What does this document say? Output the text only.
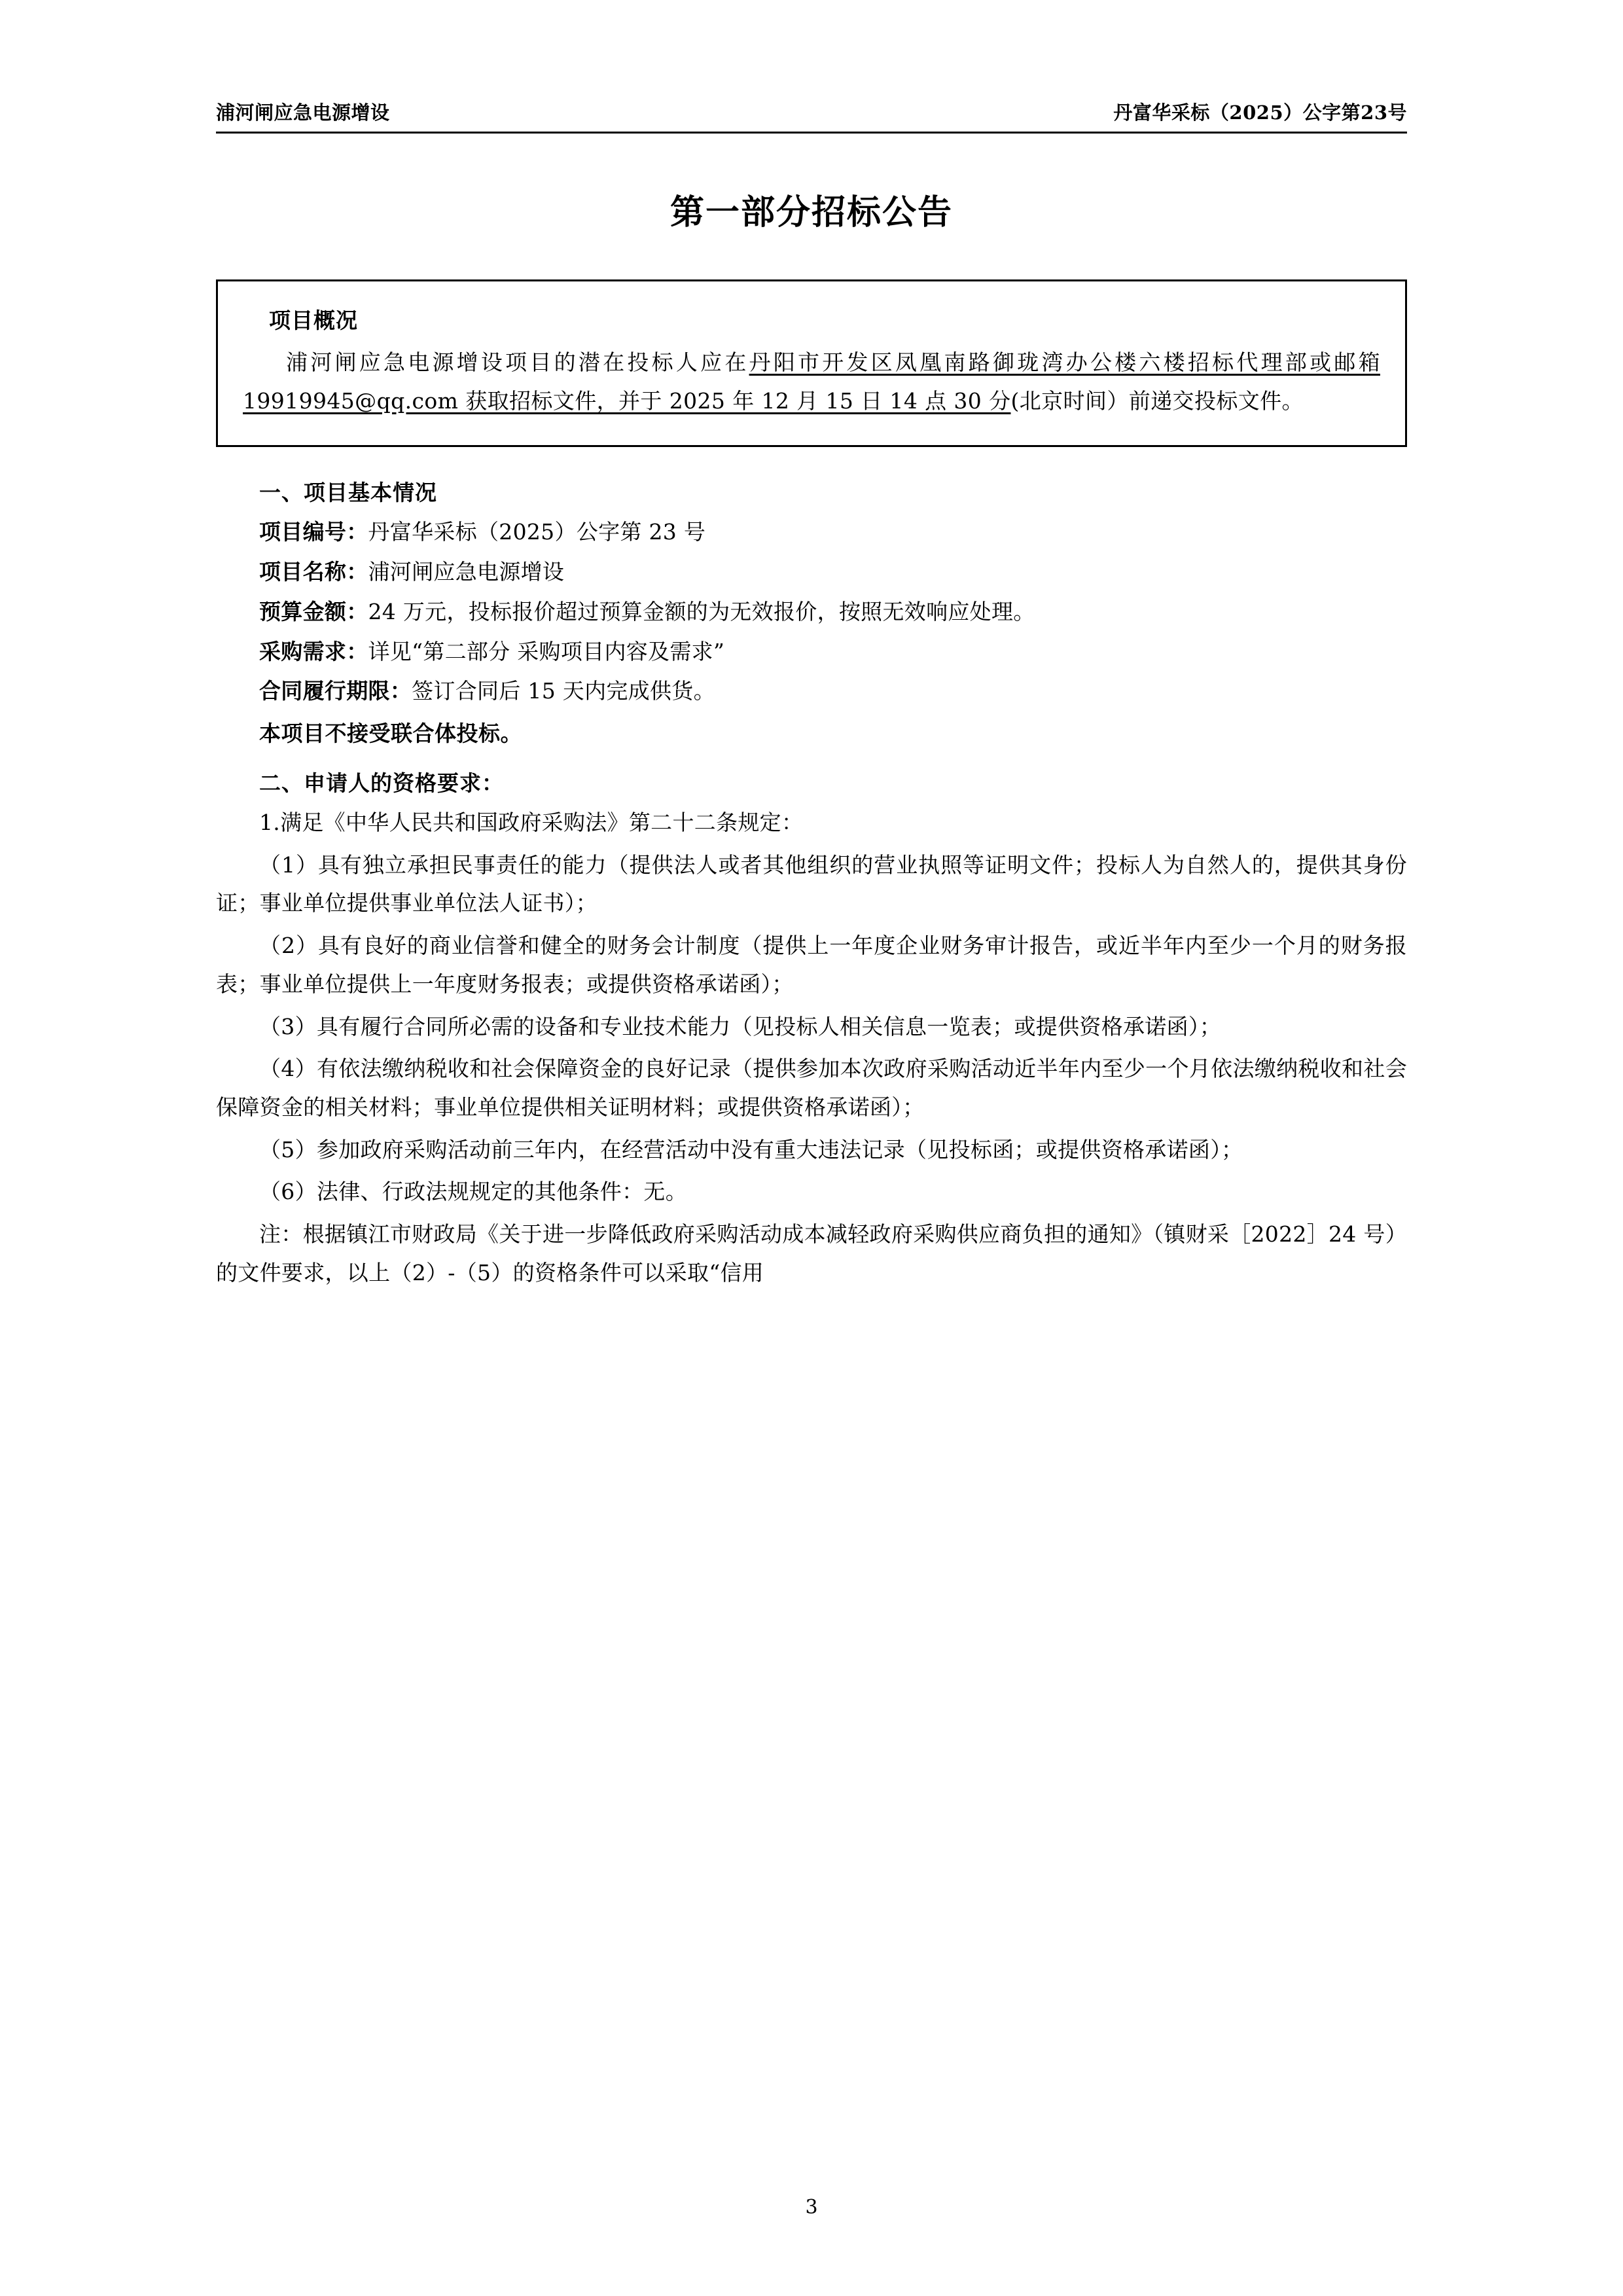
浦河闸应急电源增设	丹富华采标（2025）公字第23号
第一部分招标公告
项目概况
浦河闸应急电源增设项目的潜在投标人应在丹阳市开发区凤凰南路御珑湾办公楼六楼招标代理部或邮箱 19919945@qq.com 获取招标文件，并于 2025 年 12 月 15 日 14 点 30 分(北京时间）前递交投标文件。
一、项目基本情况

项目编号：丹富华采标（2025）公字第 23 号

项目名称：浦河闸应急电源增设

预算金额：24 万元，投标报价超过预算金额的为无效报价，按照无效响应处理。

采购需求：详见“第二部分 采购项目内容及需求”

合同履行期限：签订合同后 15 天内完成供货。

本项目不接受联合体投标。
二、申请人的资格要求：

1.满足《中华人民共和国政府采购法》第二十二条规定：

（1）具有独立承担民事责任的能力（提供法人或者其他组织的营业执照等证明文件；投标人为自然人的，提供其身份证；事业单位提供事业单位法人证书）；

（2）具有良好的商业信誉和健全的财务会计制度（提供上一年度企业财务审计报告，或近半年内至少一个月的财务报表；事业单位提供上一年度财务报表；或提供资格承诺函）；

（3）具有履行合同所必需的设备和专业技术能力（见投标人相关信息一览表；或提供资格承诺函）；

（4）有依法缴纳税收和社会保障资金的良好记录（提供参加本次政府采购活动近半年内至少一个月依法缴纳税收和社会保障资金的相关材料；事业单位提供相关证明材料；或提供资格承诺函）；

（5）参加政府采购活动前三年内，在经营活动中没有重大违法记录（见投标函；或提供资格承诺函）；

（6）法律、行政法规规定的其他条件：无。

注：根据镇江市财政局《关于进一步降低政府采购活动成本减轻政府采购供应商负担的通知》（镇财采［2022］24 号）的文件要求，以上（2）-（5）的资格条件可以采取“信用

3
